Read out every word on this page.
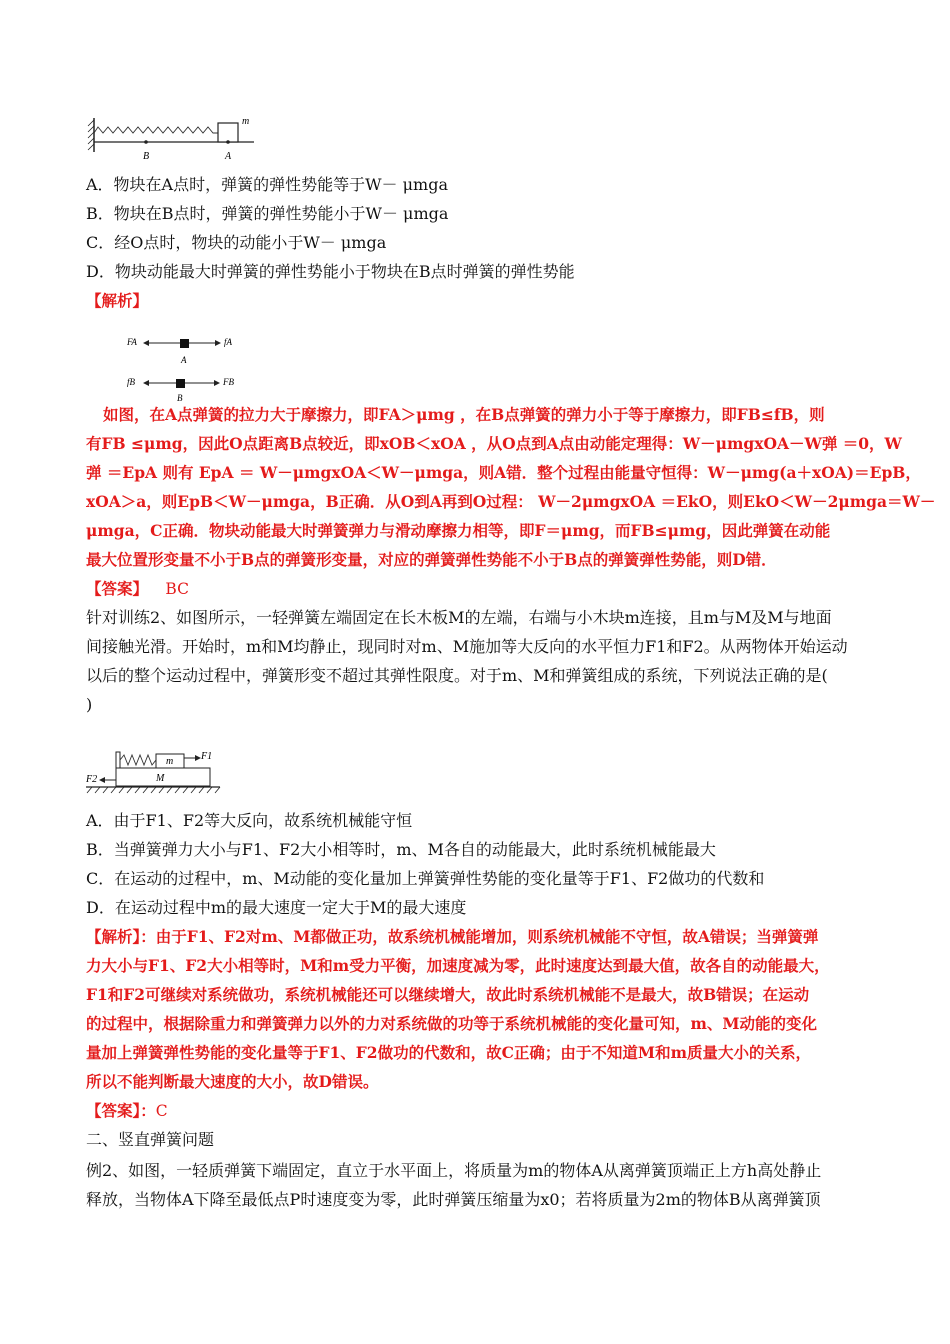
m
B	A
A．物块在A点时，弹簧的弹性势能等于W－ μmga
B．物块在B点时，弹簧的弹性势能小于W－ μmga
C．经O点时，物块的动能小于W－ μmga
D．物块动能最大时弹簧的弹性势能小于物块在B点时弹簧的弹性势能
【解析】
FA	fA
A
fB	FB
B
如图，在A点弹簧的拉力大于摩擦力，即FA＞μmg ，在B点弹簧的弹力小于等于摩擦力，即FB≤fB，则
有FB ≤μmg，因此O点距离B点较近，即xOB＜xOA ，从O点到A点由动能定理得：W－μmgxOA－W弹 ＝0，W
弹 ＝EpA 则有 EpA ＝ W－μmgxOA＜W－μmga，则A错．整个过程由能量守恒得：W－μmg(a＋xOA)＝EpB，
xOA＞a，则EpB＜W－μmga，B正确．从O到A再到O过程： W－2μmgxOA ＝EkO，则EkO＜W－2μmga＝W－
μmga，C正确．物块动能最大时弹簧弹力与滑动摩擦力相等，即F＝μmg，而FB≤μmg，因此弹簧在动能
最大位置形变量不小于B点的弹簧形变量，对应的弹簧弹性势能不小于B点的弹簧弹性势能，则D错．
【答案】 BC
针对训练2、如图所示，一轻弹簧左端固定在长木板M的左端，右端与小木块m连接，且m与M及M与地面
间接触光滑。开始时，m和M均静止，现同时对m、M施加等大反向的水平恒力F1和F2。从两物体开始运动
以后的整个运动过程中，弹簧形变不超过其弹性限度。对于m、M和弹簧组成的系统，下列说法正确的是(
)
m	F1
M
F2
A．由于F1、F2等大反向，故系统机械能守恒
B．当弹簧弹力大小与F1、F2大小相等时，m、M各自的动能最大，此时系统机械能最大
C．在运动的过程中，m、M动能的变化量加上弹簧弹性势能的变化量等于F1、F2做功的代数和
D．在运动过程中m的最大速度一定大于M的最大速度
【解析】：由于F1、F2对m、M都做正功，故系统机械能增加，则系统机械能不守恒，故A错误；当弹簧弹
力大小与F1、F2大小相等时，M和m受力平衡，加速度减为零，此时速度达到最大值，故各自的动能最大，
F1和F2可继续对系统做功，系统机械能还可以继续增大，故此时系统机械能不是最大，故B错误；在运动
的过程中，根据除重力和弹簧弹力以外的力对系统做的功等于系统机械能的变化量可知，m、M动能的变化
量加上弹簧弹性势能的变化量等于F1、F2做功的代数和，故C正确；由于不知道M和m质量大小的关系，
所以不能判断最大速度的大小，故D错误。
【答案】：C
二、竖直弹簧问题
例2、如图，一轻质弹簧下端固定，直立于水平面上，将质量为m的物体A从离弹簧顶端正上方h高处静止
释放，当物体A下降至最低点P时速度变为零，此时弹簧压缩量为x0；若将质量为2m的物体B从离弹簧顶
